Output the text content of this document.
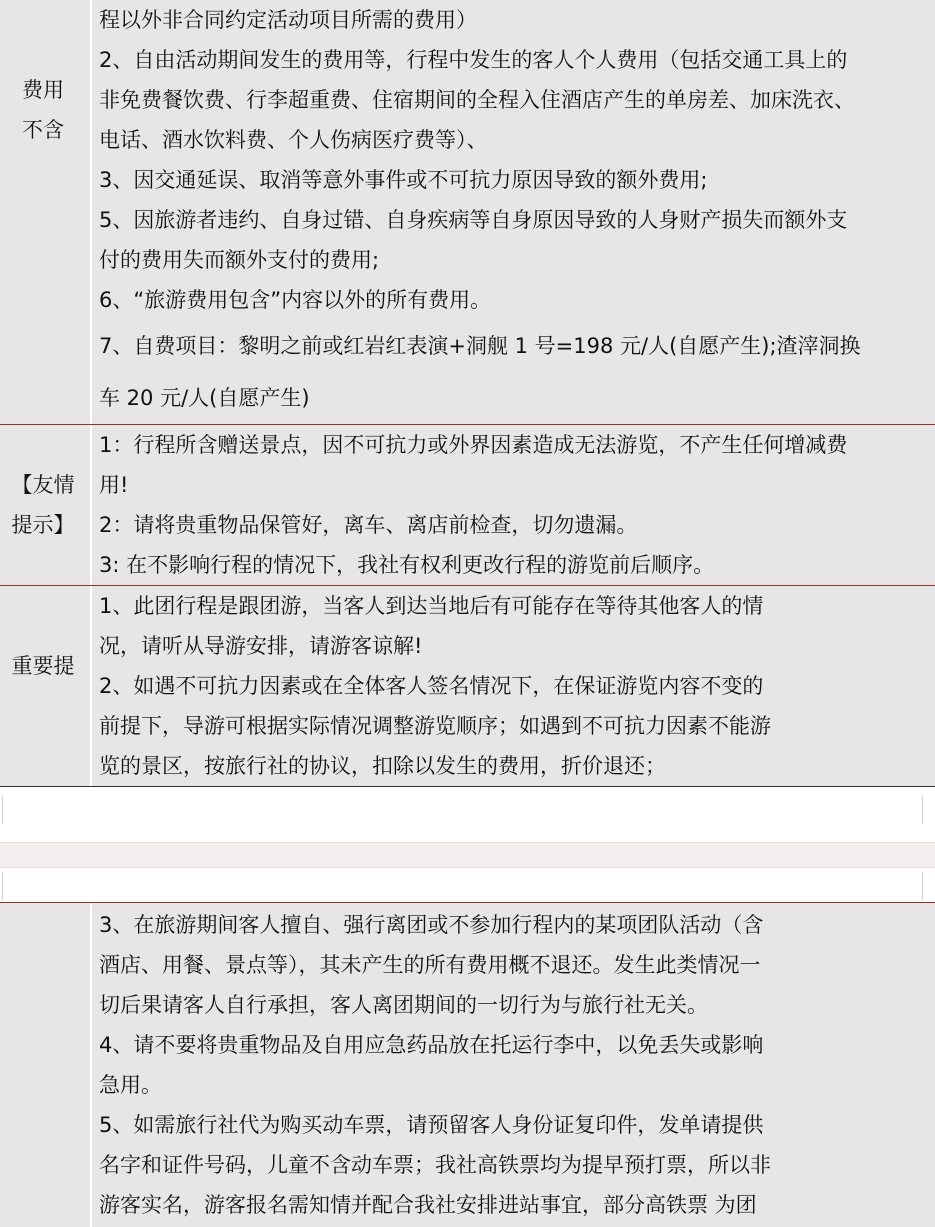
费用
不含
程以外非合同约定活动项目所需的费用）
2、自由活动期间发生的费用等，行程中发生的客人个人费用（包括交通工具上的
非免费餐饮费、行李超重费、住宿期间的全程入住酒店产生的单房差、加床洗衣、
电话、酒水饮料费、个人伤病医疗费等）、
3、因交通延误、取消等意外事件或不可抗力原因导致的额外费用;
5、因旅游者违约、自身过错、自身疾病等自身原因导致的人身财产损失而额外支
付的费用失而额外支付的费用;
6、“旅游费用包含”内容以外的所有费用。
7、自费项目：黎明之前或红岩红表演+洞舰 1 号=198 元/人(自愿产生);渣滓洞换
车 20 元/人(自愿产生)
【友情
提示】
1：行程所含赠送景点，因不可抗力或外界因素造成无法游览，不产生任何增减费
用!
2：请将贵重物品保管好，离车、离店前检查，切勿遗漏。
3: 在不影响行程的情况下，我社有权利更改行程的游览前后顺序。
重要提
1、此团行程是跟团游，当客人到达当地后有可能存在等待其他客人的情
况，请听从导游安排，请游客谅解!
2、如遇不可抗力因素或在全体客人签名情况下，在保证游览内容不变的
前提下，导游可根据实际情况调整游览顺序；如遇到不可抗力因素不能游
览的景区，按旅行社的协议，扣除以发生的费用，折价退还；
3、在旅游期间客人擅自、强行离团或不参加行程内的某项团队活动（含
酒店、用餐、景点等），其未产生的所有费用概不退还。发生此类情况一
切后果请客人自行承担，客人离团期间的一切行为与旅行社无关。
4、请不要将贵重物品及自用应急药品放在托运行李中，以免丢失或影响
急用。
5、如需旅行社代为购买动车票，请预留客人身份证复印件，发单请提供
名字和证件号码，儿童不含动车票；我社高铁票均为提早预打票，所以非
游客实名，游客报名需知情并配合我社安排进站事宜，部分高铁票 为团
